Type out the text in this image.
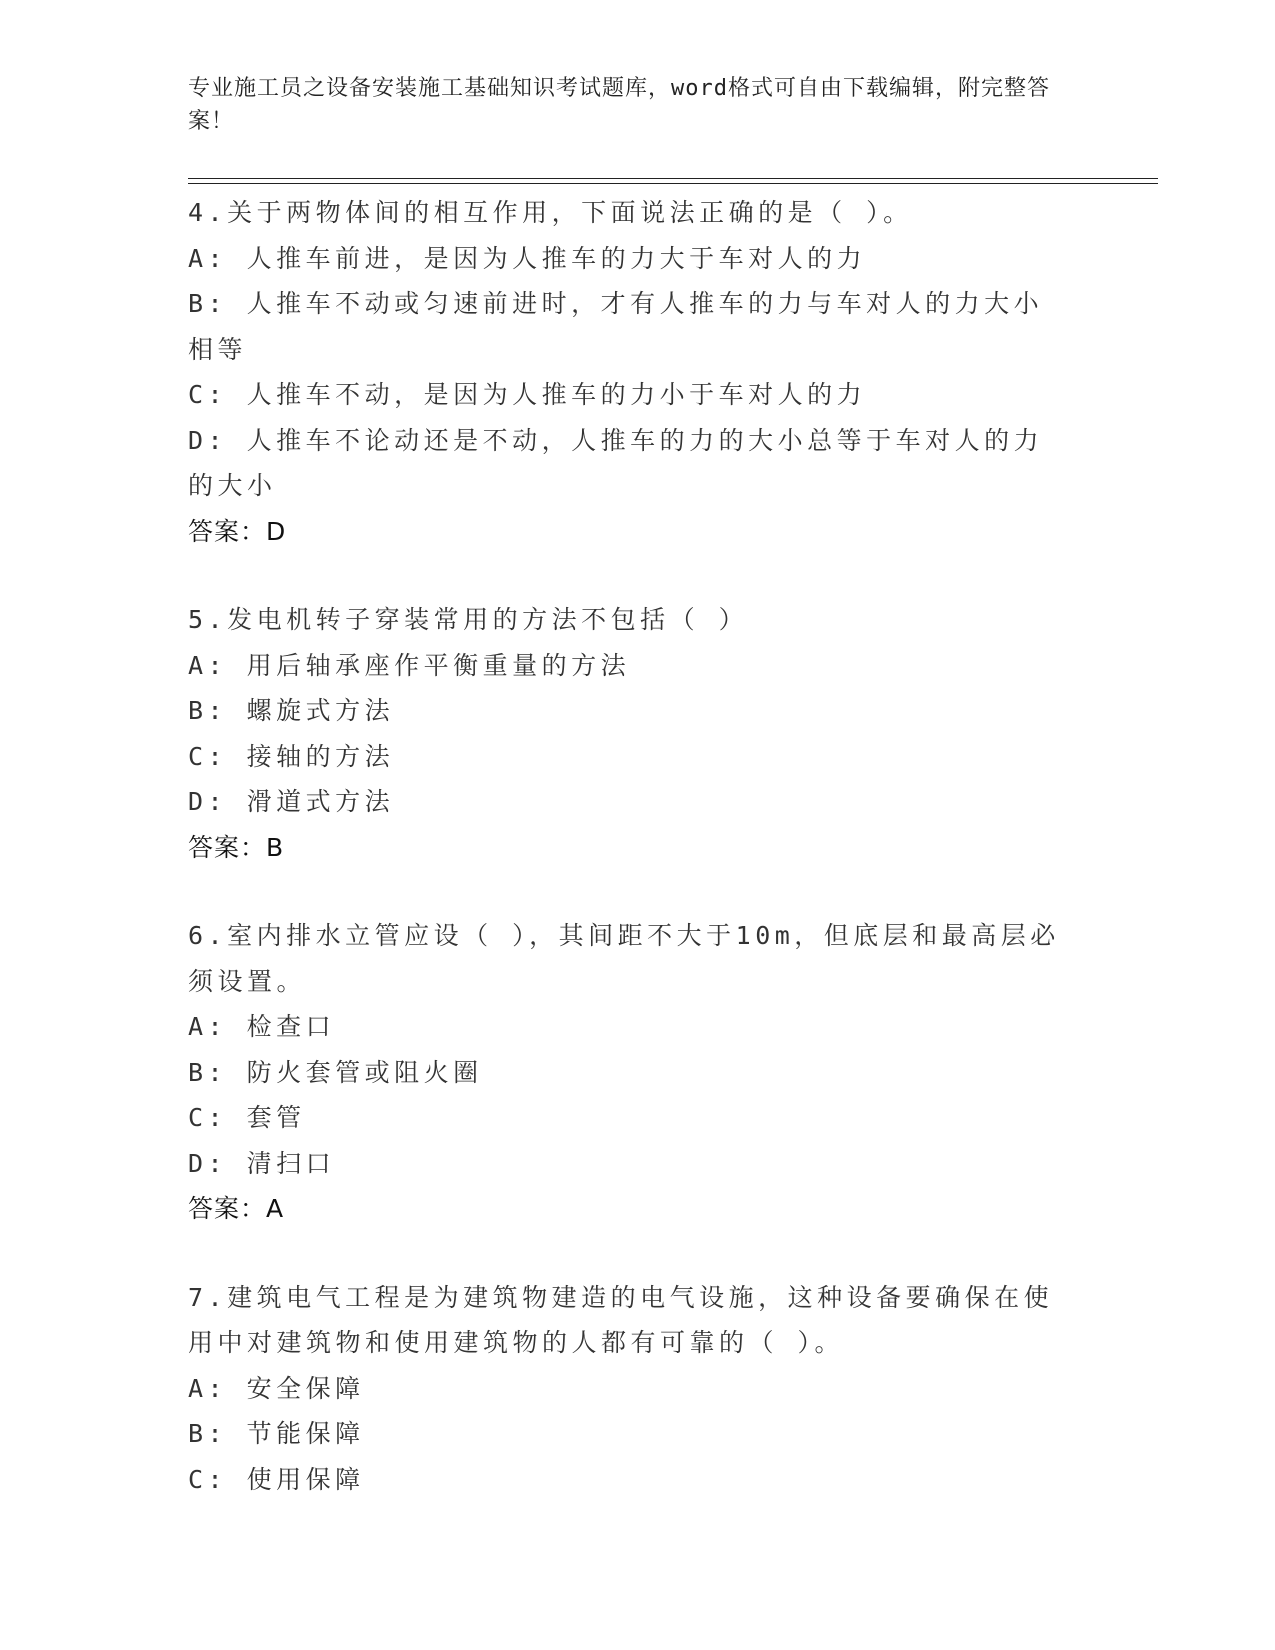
专业施工员之设备安装施工基础知识考试题库，word格式可自由下载编辑，附完整答案！
4.关于两物体间的相互作用，下面说法正确的是（ ）。
A: 人推车前进，是因为人推车的力大于车对人的力
B: 人推车不动或匀速前进时，才有人推车的力与车对人的力大小相等
C: 人推车不动，是因为人推车的力小于车对人的力
D: 人推车不论动还是不动，人推车的力的大小总等于车对人的力的大小
答案：D
5.发电机转子穿装常用的方法不包括（ ）
A: 用后轴承座作平衡重量的方法
B: 螺旋式方法
C: 接轴的方法
D: 滑道式方法
答案：B
6.室内排水立管应设（ ），其间距不大于10m，但底层和最高层必须设置。
A: 检查口
B: 防火套管或阻火圈
C: 套管
D: 清扫口
答案：A
7.建筑电气工程是为建筑物建造的电气设施，这种设备要确保在使用中对建筑物和使用建筑物的人都有可靠的（ ）。
A: 安全保障
B: 节能保障
C: 使用保障
